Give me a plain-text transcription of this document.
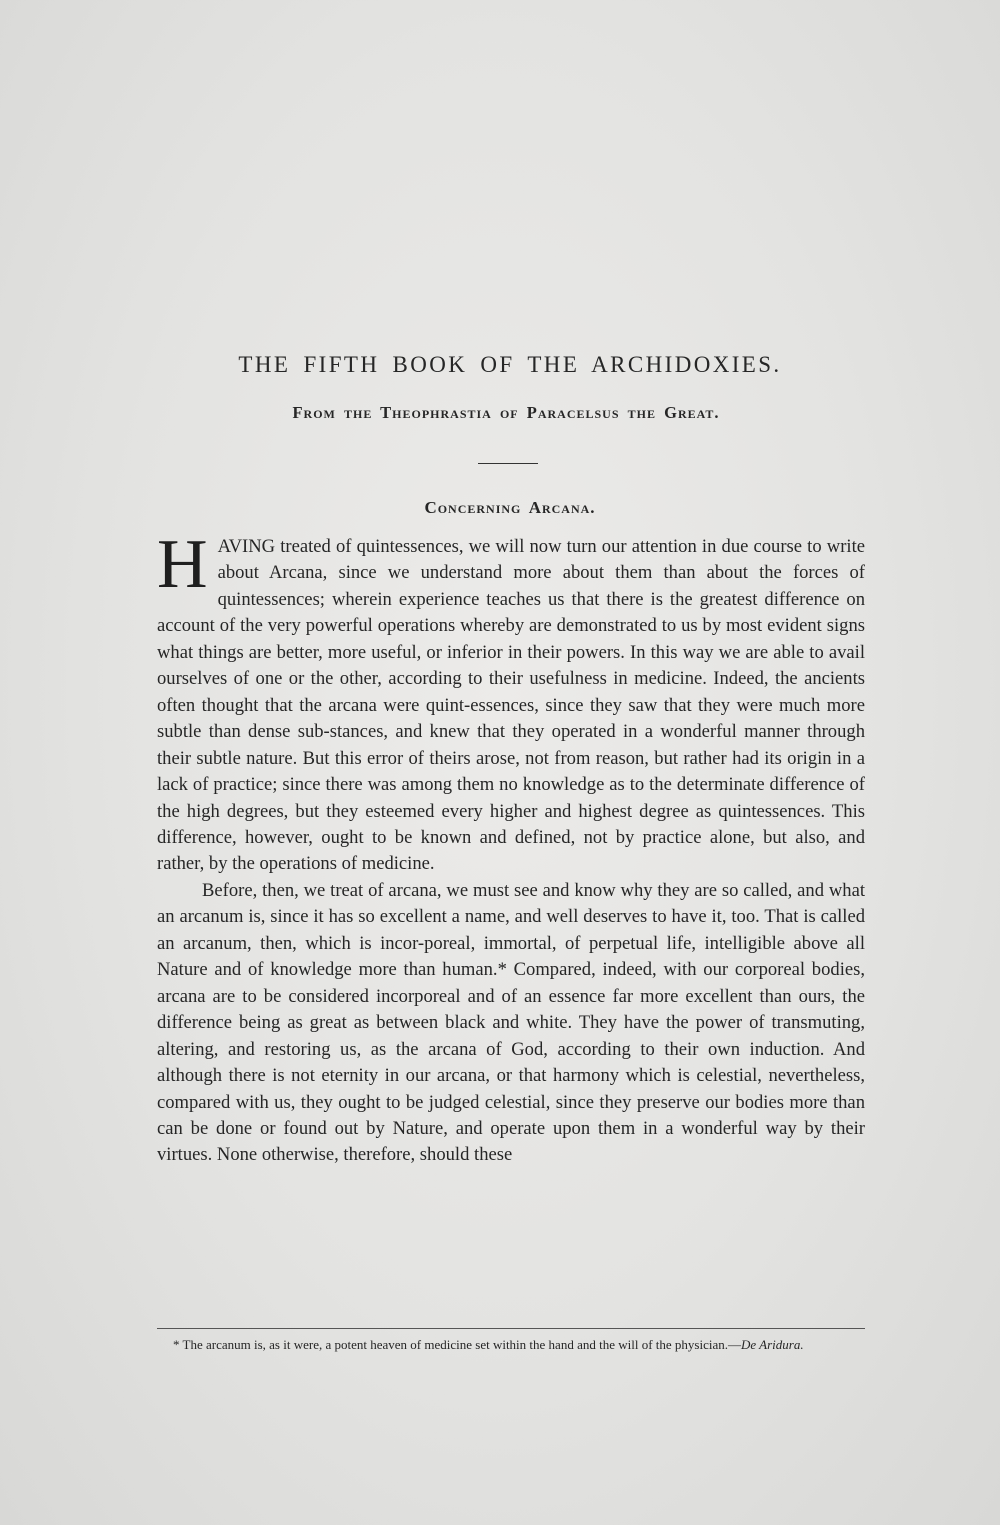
THE FIFTH BOOK OF THE ARCHIDOXIES.
From the Theophrastia of Paracelsus the Great.
Concerning Arcana.

HAVING treated of quintessences, we will now turn our attention in due course to write about Arcana, since we understand more about them than about the forces of quintessences; wherein experience teaches us that there is the greatest difference on account of the very powerful operations whereby are demonstrated to us by most evident signs what things are better, more useful, or inferior in their powers. In this way we are able to avail ourselves of one or the other, according to their usefulness in medicine. Indeed, the ancients often thought that the arcana were quint-essences, since they saw that they were much more subtle than dense sub-stances, and knew that they operated in a wonderful manner through their subtle nature. But this error of theirs arose, not from reason, but rather had its origin in a lack of practice; since there was among them no knowledge as to the determinate difference of the high degrees, but they esteemed every higher and highest degree as quintessences. This difference, however, ought to be known and defined, not by practice alone, but also, and rather, by the operations of medicine.

Before, then, we treat of arcana, we must see and know why they are so called, and what an arcanum is, since it has so excellent a name, and well deserves to have it, too. That is called an arcanum, then, which is incor-poreal, immortal, of perpetual life, intelligible above all Nature and of knowledge more than human.* Compared, indeed, with our corporeal bodies, arcana are to be considered incorporeal and of an essence far more excellent than ours, the difference being as great as between black and white. They have the power of transmuting, altering, and restoring us, as the arcana of God, according to their own induction. And although there is not eternity in our arcana, or that harmony which is celestial, nevertheless, compared with us, they ought to be judged celestial, since they preserve our bodies more than can be done or found out by Nature, and operate upon them in a wonderful way by their virtues. None otherwise, therefore, should these

* The arcanum is, as it were, a potent heaven of medicine set within the hand and the will of the physician.—De Aridura.
